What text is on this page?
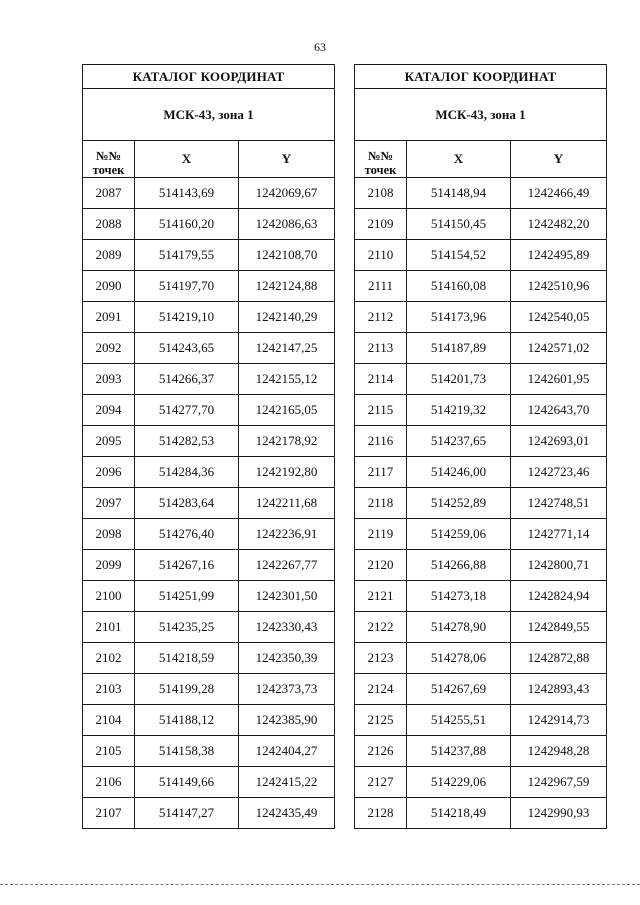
63
КАТАЛОГ КООРДИНАТ		
МСК-43, зона 1		
№№
точек	X	Y
2087	514143,69	1242069,67
2088	514160,20	1242086,63
2089	514179,55	1242108,70
2090	514197,70	1242124,88
2091	514219,10	1242140,29
2092	514243,65	1242147,25
2093	514266,37	1242155,12
2094	514277,70	1242165,05
2095	514282,53	1242178,92
2096	514284,36	1242192,80
2097	514283,64	1242211,68
2098	514276,40	1242236,91
2099	514267,16	1242267,77
2100	514251,99	1242301,50
2101	514235,25	1242330,43
2102	514218,59	1242350,39
2103	514199,28	1242373,73
2104	514188,12	1242385,90
2105	514158,38	1242404,27
2106	514149,66	1242415,22
2107	514147,27	1242435,49
КАТАЛОГ КООРДИНАТ		
МСК-43, зона 1		
№№
точек	X	Y
2108	514148,94	1242466,49
2109	514150,45	1242482,20
2110	514154,52	1242495,89
2111	514160,08	1242510,96
2112	514173,96	1242540,05
2113	514187,89	1242571,02
2114	514201,73	1242601,95
2115	514219,32	1242643,70
2116	514237,65	1242693,01
2117	514246,00	1242723,46
2118	514252,89	1242748,51
2119	514259,06	1242771,14
2120	514266,88	1242800,71
2121	514273,18	1242824,94
2122	514278,90	1242849,55
2123	514278,06	1242872,88
2124	514267,69	1242893,43
2125	514255,51	1242914,73
2126	514237,88	1242948,28
2127	514229,06	1242967,59
2128	514218,49	1242990,93
